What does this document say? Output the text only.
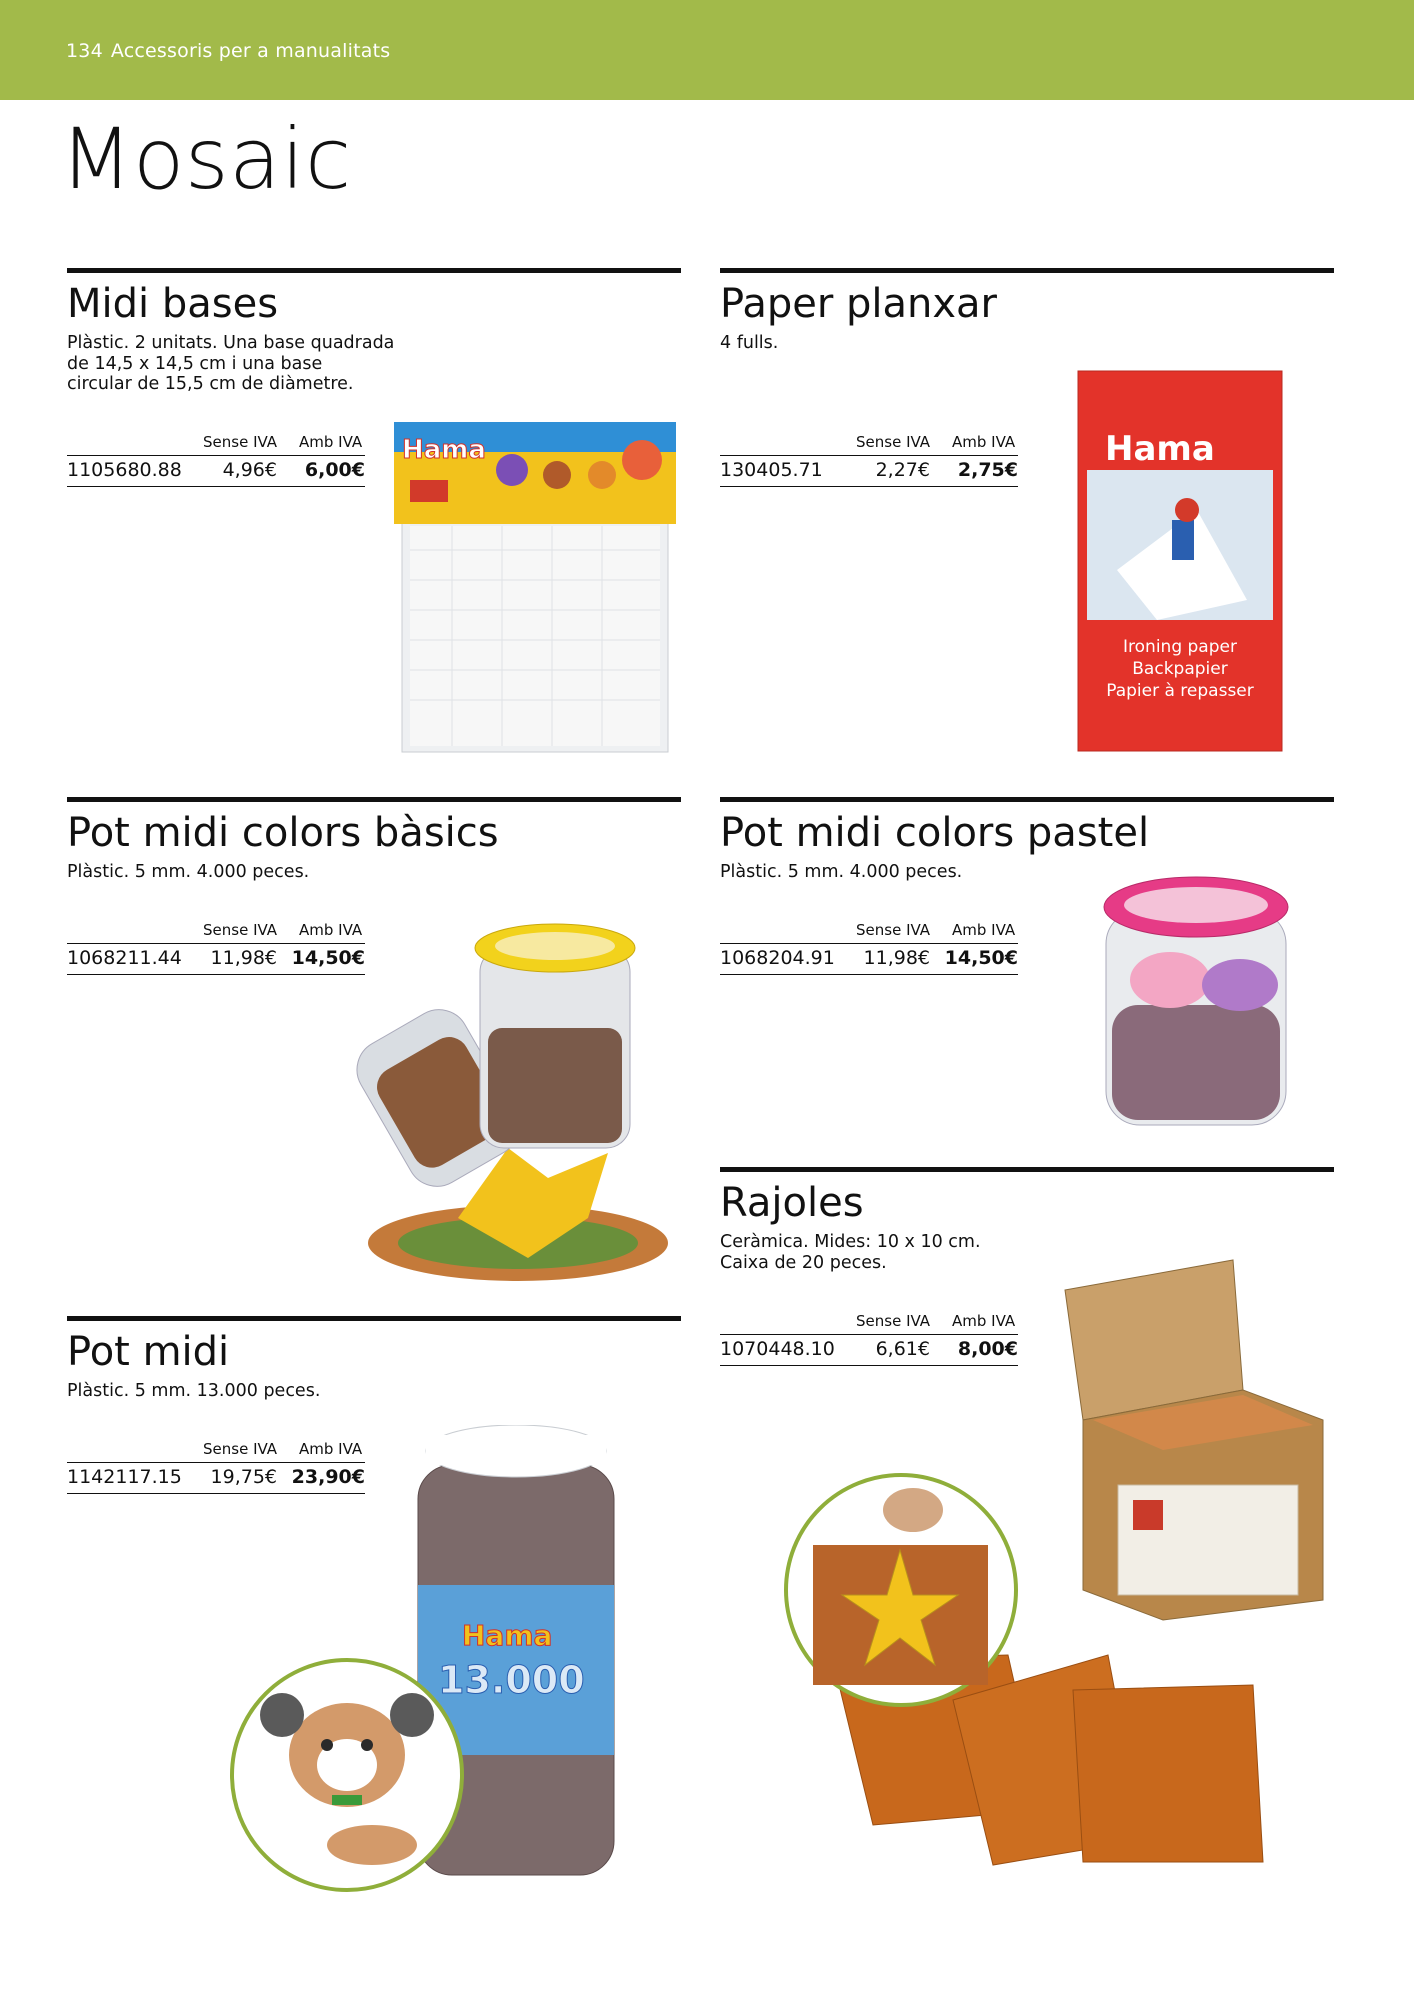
134 Accessoris per a manualitats
Mosaic
Midi bases

Plàstic. 2 unitats. Una base quadrada
de 14,5 x 14,5 cm i una base
circular de 15,5 cm de diàmetre.

Sense IVA Amb IVA
1105680.88 4,96€ 6,00€
Hama
Paper planxar

4 fulls.

Sense IVA Amb IVA
130405.71	2,27€ 2,75€
Hama
Ironing paper
Backpapier
Papier à repasser
Pot midi colors bàsics

Plàstic. 5 mm. 4.000 peces.

Sense IVA Amb IVA
1068211.44 11,98€ 14,50€
Pot midi colors pastel

Plàstic. 5 mm. 4.000 peces.

Sense IVA Amb IVA
1068204.91 11,98€ 14,50€
Pot midi

Plàstic. 5 mm. 13.000 peces.

Sense IVA Amb IVA
1142117.15 19,75€ 23,90€
Hama
13.000
Rajoles

Ceràmica. Mides: 10 x 10 cm.
Caixa de 20 peces.

Sense IVA Amb IVA
1070448.10 6,61€ 8,00€
